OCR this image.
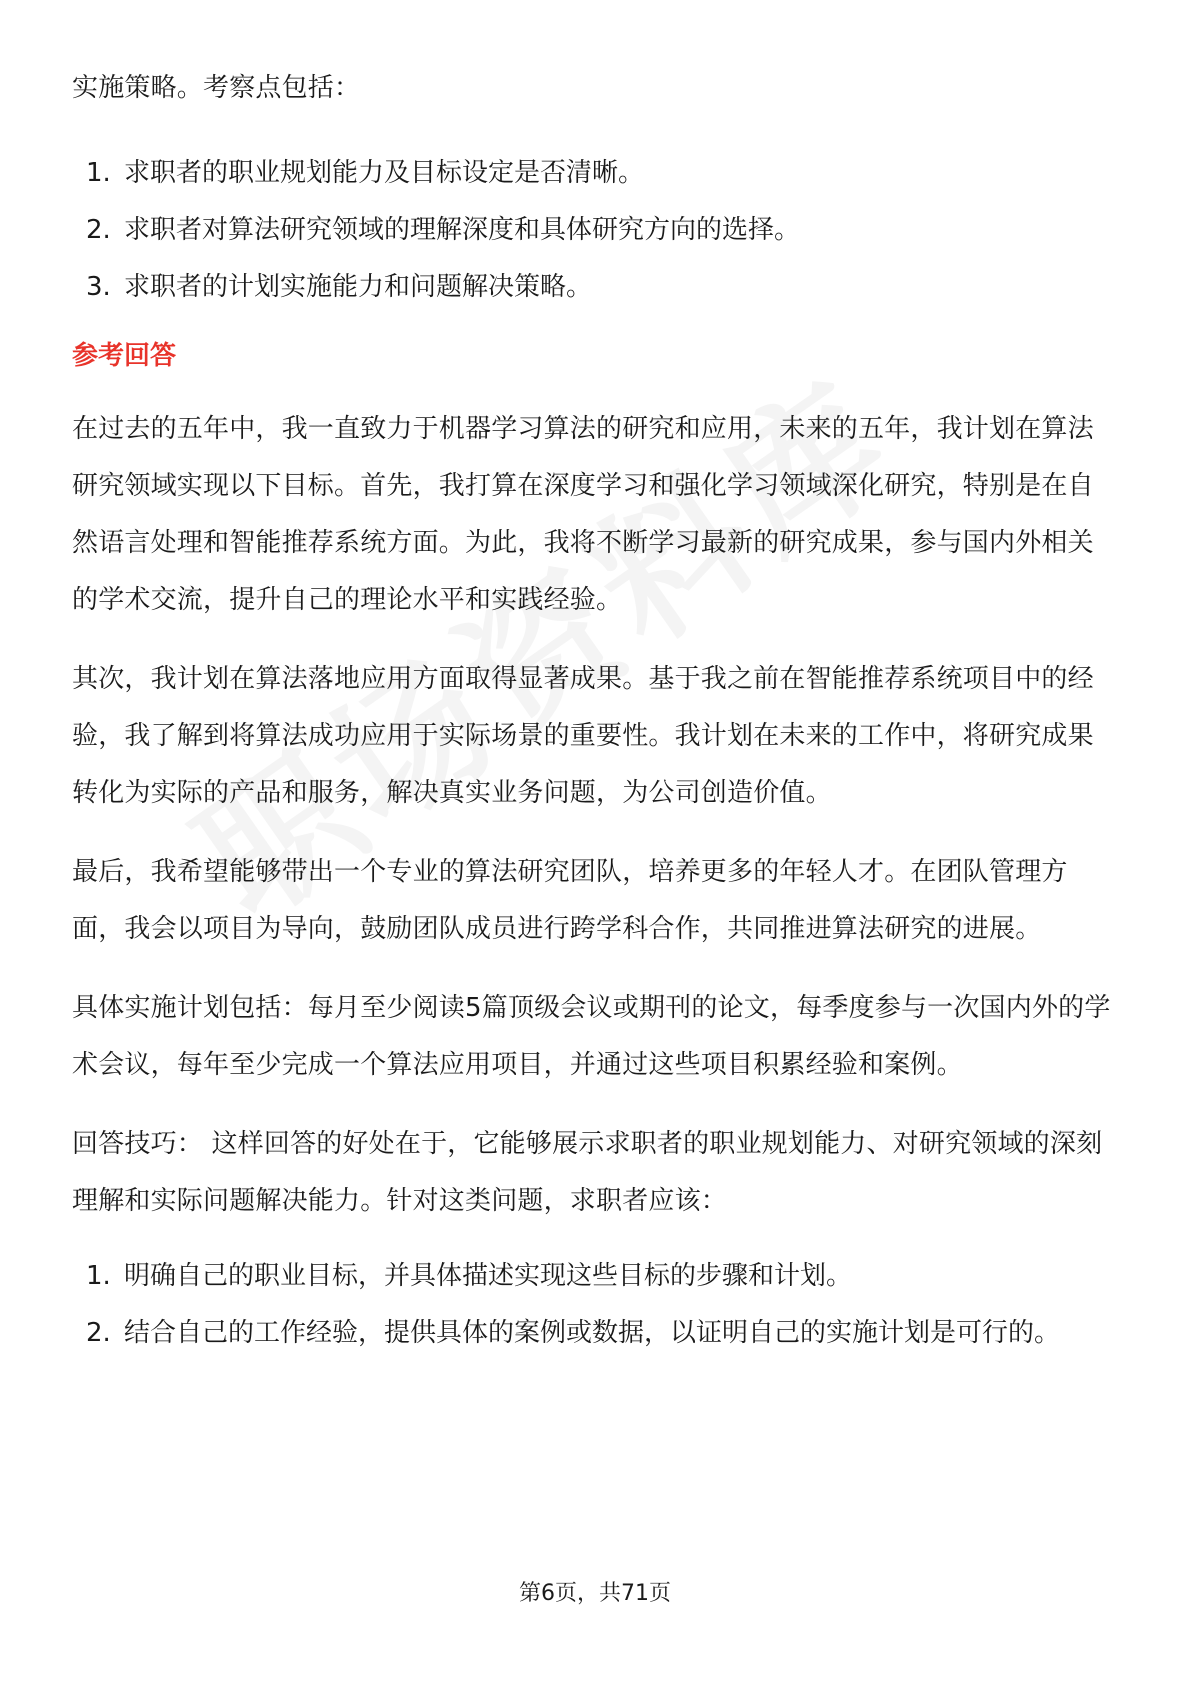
实施策略。考察点包括：

1. 求职者的职业规划能力及目标设定是否清晰。
2. 求职者对算法研究领域的理解深度和具体研究方向的选择。
3. 求职者的计划实施能力和问题解决策略。
参考回答

在过去的五年中，我一直致力于机器学习算法的研究和应用，未来的五年，我计划在算法研究领域实现以下目标。首先，我打算在深度学习和强化学习领域深化研究，特别是在自然语言处理和智能推荐系统方面。为此，我将不断学习最新的研究成果，参与国内外相关的学术交流，提升自己的理论水平和实践经验。

其次，我计划在算法落地应用方面取得显著成果。基于我之前在智能推荐系统项目中的经验，我了解到将算法成功应用于实际场景的重要性。我计划在未来的工作中，将研究成果转化为实际的产品和服务，解决真实业务问题，为公司创造价值。

最后，我希望能够带出一个专业的算法研究团队，培养更多的年轻人才。在团队管理方面，我会以项目为导向，鼓励团队成员进行跨学科合作，共同推进算法研究的进展。

具体实施计划包括：每月至少阅读5篇顶级会议或期刊的论文，每季度参与一次国内外的学术会议，每年至少完成一个算法应用项目，并通过这些项目积累经验和案例。

回答技巧： 这样回答的好处在于，它能够展示求职者的职业规划能力、对研究领域的深刻理解和实际问题解决能力。针对这类问题，求职者应该：

1. 明确自己的职业目标，并具体描述实现这些目标的步骤和计划。
2. 结合自己的工作经验，提供具体的案例或数据，以证明自己的实施计划是可行的。
第6页，共71页
